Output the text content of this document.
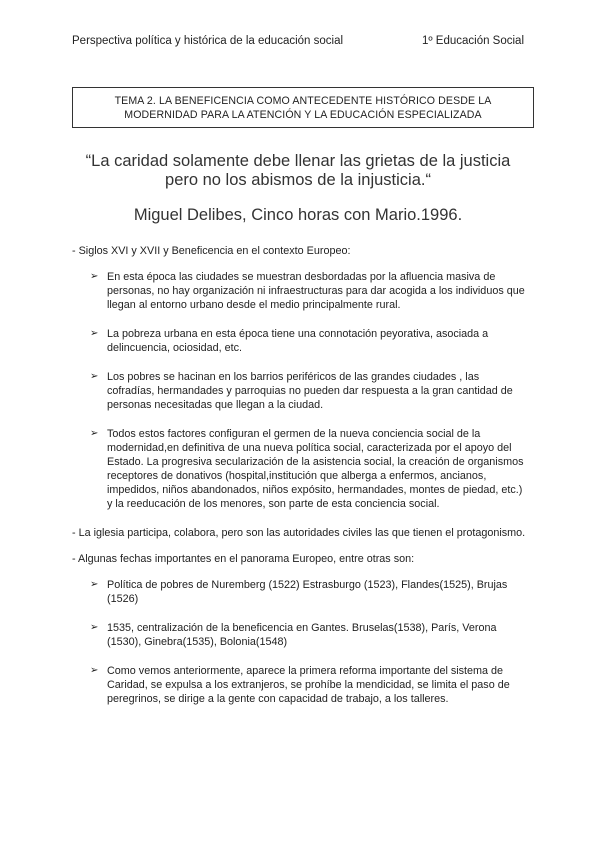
Perspectiva política y histórica de la educación social	1º Educación Social
TEMA 2. LA BENEFICENCIA COMO ANTECEDENTE HISTÓRICO DESDE LA
MODERNIDAD PARA LA ATENCIÓN Y LA EDUCACIÓN ESPECIALIZADA
“La caridad solamente debe llenar las grietas de la justicia
pero no los abismos de la injusticia.“
Miguel Delibes, Cinco horas con Mario.1996.
- Siglos XVI y XVII y Beneficencia en el contexto Europeo:
➢ En esta época las ciudades se muestran desbordadas por la afluencia masiva de personas, no hay organización ni infraestructuras para dar acogida a los individuos que llegan al entorno urbano desde el medio principalmente rural.
➢ La pobreza urbana en esta época tiene una connotación peyorativa, asociada a delincuencia, ociosidad, etc.
➢ Los pobres se hacinan en los barrios periféricos de las grandes ciudades , las cofradías, hermandades y parroquias no pueden dar respuesta a la gran cantidad de personas necesitadas que llegan a la ciudad.
➢ Todos estos factores configuran el germen de la nueva conciencia social de la modernidad,en definitiva de una nueva política social, caracterizada por el apoyo del Estado. La progresiva secularización de la asistencia social, la creación de organismos receptores de donativos (hospital,institución que alberga a enfermos, ancianos, impedidos, niños abandonados, niños expósito, hermandades, montes de piedad, etc.) y la reeducación de los menores, son parte de esta conciencia social.
- La iglesia participa, colabora, pero son las autoridades civiles las que tienen el protagonismo.
- Algunas fechas importantes en el panorama Europeo, entre otras son:
➢ Política de pobres de Nuremberg (1522) Estrasburgo (1523), Flandes(1525), Brujas (1526)
➢ 1535, centralización de la beneficencia en Gantes. Bruselas(1538), París, Verona (1530), Ginebra(1535), Bolonia(1548)
➢ Como vemos anteriormente, aparece la primera reforma importante del sistema de Caridad, se expulsa a los extranjeros, se prohíbe la mendicidad, se limita el paso de peregrinos, se dirige a la gente con capacidad de trabajo, a los talleres.
